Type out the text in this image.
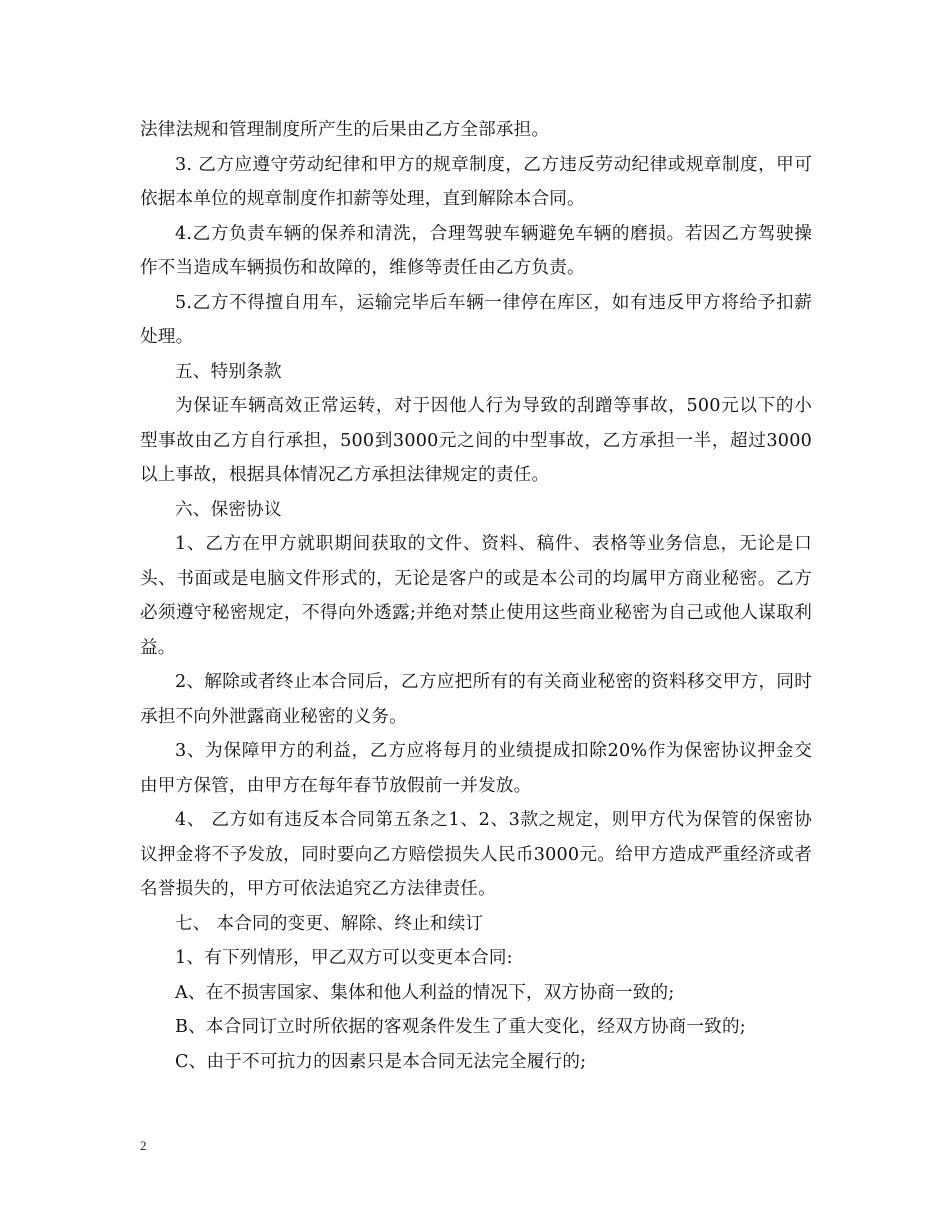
法律法规和管理制度所产生的后果由乙方全部承担。

3. 乙方应遵守劳动纪律和甲方的规章制度，乙方违反劳动纪律或规章制度，甲可依据本单位的规章制度作扣薪等处理，直到解除本合同。

4.乙方负责车辆的保养和清洗，合理驾驶车辆避免车辆的磨损。若因乙方驾驶操作不当造成车辆损伤和故障的，维修等责任由乙方负责。

5.乙方不得擅自用车，运输完毕后车辆一律停在库区，如有违反甲方将给予扣薪处理。

五、特别条款

为保证车辆高效正常运转，对于因他人行为导致的刮蹭等事故，500元以下的小型事故由乙方自行承担，500到3000元之间的中型事故，乙方承担一半，超过3000以上事故，根据具体情况乙方承担法律规定的责任。

六、保密协议

1、乙方在甲方就职期间获取的文件、资料、稿件、表格等业务信息，无论是口头、书面或是电脑文件形式的，无论是客户的或是本公司的均属甲方商业秘密。乙方必须遵守秘密规定，不得向外透露;并绝对禁止使用这些商业秘密为自己或他人谋取利益。

2、解除或者终止本合同后，乙方应把所有的有关商业秘密的资料移交甲方，同时承担不向外泄露商业秘密的义务。

3、为保障甲方的利益，乙方应将每月的业绩提成扣除20%作为保密协议押金交由甲方保管，由甲方在每年春节放假前一并发放。

4、 乙方如有违反本合同第五条之1、2、3款之规定，则甲方代为保管的保密协议押金将不予发放，同时要向乙方赔偿损失人民币3000元。给甲方造成严重经济或者名誉损失的，甲方可依法追究乙方法律责任。

七、 本合同的变更、解除、终止和续订

1、有下列情形，甲乙双方可以变更本合同:

A、在不损害国家、集体和他人利益的情况下，双方协商一致的;

B、本合同订立时所依据的客观条件发生了重大变化，经双方协商一致的;

C、由于不可抗力的因素只是本合同无法完全履行的;

2
